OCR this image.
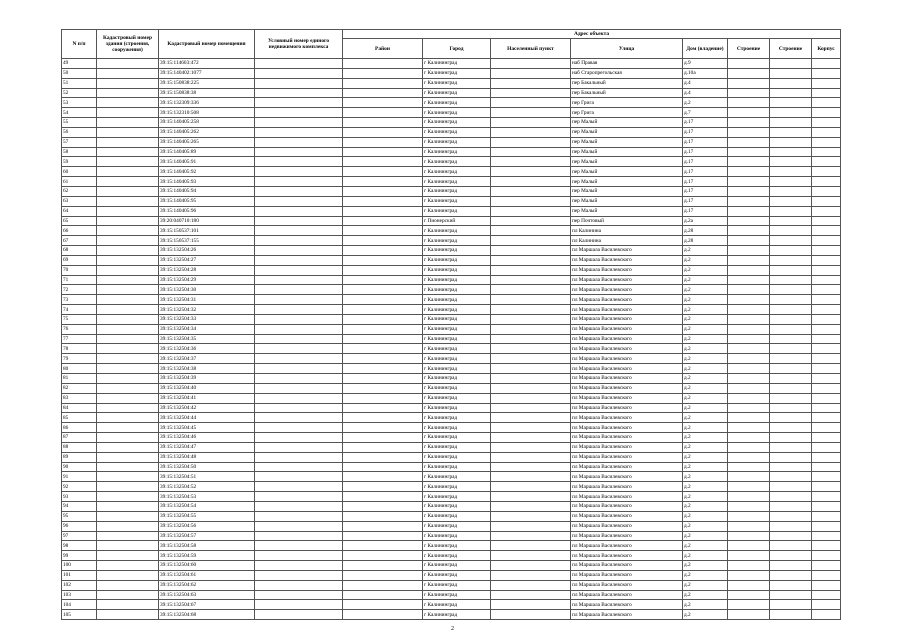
N п/п	Кадастровый номер здания (строения, сооружения)	Кадастровый номер помещения	Условный номер единого недвижимого комплекса	Адрес объекта							
				Район	Город	Населенный пункт	Улица	Дом (владение)	Строение	Строение	Корпус
49		39:15:114603:472			г Калининград		наб Правая	д.9			
50		39:15:140402:1077			г Калининград		наб Старопрегольская	д.10а			
51		39:15:150838:225			г Калининград		пер Бакальный	д.4			
52		39:15:150838:38			г Калининград		пер Бакальный	д.4			
53		39:15:132309:336			г Калининград		пер Грига	д.2			
54		39:15:132310:508			г Калининград		пер Грига	д.7			
55		39:15:140405:258			г Калининград		пер Малый	д.17			
56		39:15:140405:262			г Калининград		пер Малый	д.17			
57		39:15:140405:265			г Калининград		пер Малый	д.17			
58		39:15:140405:89			г Калининград		пер Малый	д.17			
59		39:15:140405:91			г Калининград		пер Малый	д.17			
60		39:15:140405:92			г Калининград		пер Малый	д.17			
61		39:15:140405:93			г Калининград		пер Малый	д.17			
62		39:15:140405:94			г Калининград		пер Малый	д.17			
63		39:15:140405:95			г Калининград		пер Малый	д.17			
64		39:15:140405:96			г Калининград		пер Малый	д.17			
65		39:20:040710:180			г Пионерский		пер Почтовый	д.2а			
66		39:15:150537:101			г Калининград		пл Калинина	д.28			
67		39:15:150537:155			г Калининград		пл Калинина	д.28			
68		39:15:132504:26			г Калининград		пл Маршала Василевского	д.2			
69		39:15:132504:27			г Калининград		пл Маршала Василевского	д.2			
70		39:15:132504:28			г Калининград		пл Маршала Василевского	д.2			
71		39:15:132504:29			г Калининград		пл Маршала Василевского	д.2			
72		39:15:132504:30			г Калининград		пл Маршала Василевского	д.2			
73		39:15:132504:31			г Калининград		пл Маршала Василевского	д.2			
74		39:15:132504:32			г Калининград		пл Маршала Василевского	д.2			
75		39:15:132504:33			г Калининград		пл Маршала Василевского	д.2			
76		39:15:132504:34			г Калининград		пл Маршала Василевского	д.2			
77		39:15:132504:35			г Калининград		пл Маршала Василевского	д.2			
78		39:15:132504:36			г Калининград		пл Маршала Василевского	д.2			
79		39:15:132504:37			г Калининград		пл Маршала Василевского	д.2			
80		39:15:132504:38			г Калининград		пл Маршала Василевского	д.2			
81		39:15:132504:39			г Калининград		пл Маршала Василевского	д.2			
82		39:15:132504:40			г Калининград		пл Маршала Василевского	д.2			
83		39:15:132504:41			г Калининград		пл Маршала Василевского	д.2			
84		39:15:132504:42			г Калининград		пл Маршала Василевского	д.2			
85		39:15:132504:44			г Калининград		пл Маршала Василевского	д.2			
86		39:15:132504:45			г Калининград		пл Маршала Василевского	д.2			
87		39:15:132504:46			г Калининград		пл Маршала Василевского	д.2			
88		39:15:132504:47			г Калининград		пл Маршала Василевского	д.2			
89		39:15:132504:48			г Калининград		пл Маршала Василевского	д.2			
90		39:15:132504:50			г Калининград		пл Маршала Василевского	д.2			
91		39:15:132504:51			г Калининград		пл Маршала Василевского	д.2			
92		39:15:132504:52			г Калининград		пл Маршала Василевского	д.2			
93		39:15:132504:53			г Калининград		пл Маршала Василевского	д.2			
94		39:15:132504:54			г Калининград		пл Маршала Василевского	д.2			
95		39:15:132504:55			г Калининград		пл Маршала Василевского	д.2			
96		39:15:132504:56			г Калининград		пл Маршала Василевского	д.2			
97		39:15:132504:57			г Калининград		пл Маршала Василевского	д.2			
98		39:15:132504:58			г Калининград		пл Маршала Василевского	д.2			
99		39:15:132504:59			г Калининград		пл Маршала Василевского	д.2			
100		39:15:132504:60			г Калининград		пл Маршала Василевского	д.2			
101		39:15:132504:61			г Калининград		пл Маршала Василевского	д.2			
102		39:15:132504:62			г Калининград		пл Маршала Василевского	д.2			
103		39:15:132504:63			г Калининград		пл Маршала Василевского	д.2			
104		39:15:132504:67			г Калининград		пл Маршала Василевского	д.2			
105		39:15:132504:68			г Калининград		пл Маршала Василевского	д.2			
2
